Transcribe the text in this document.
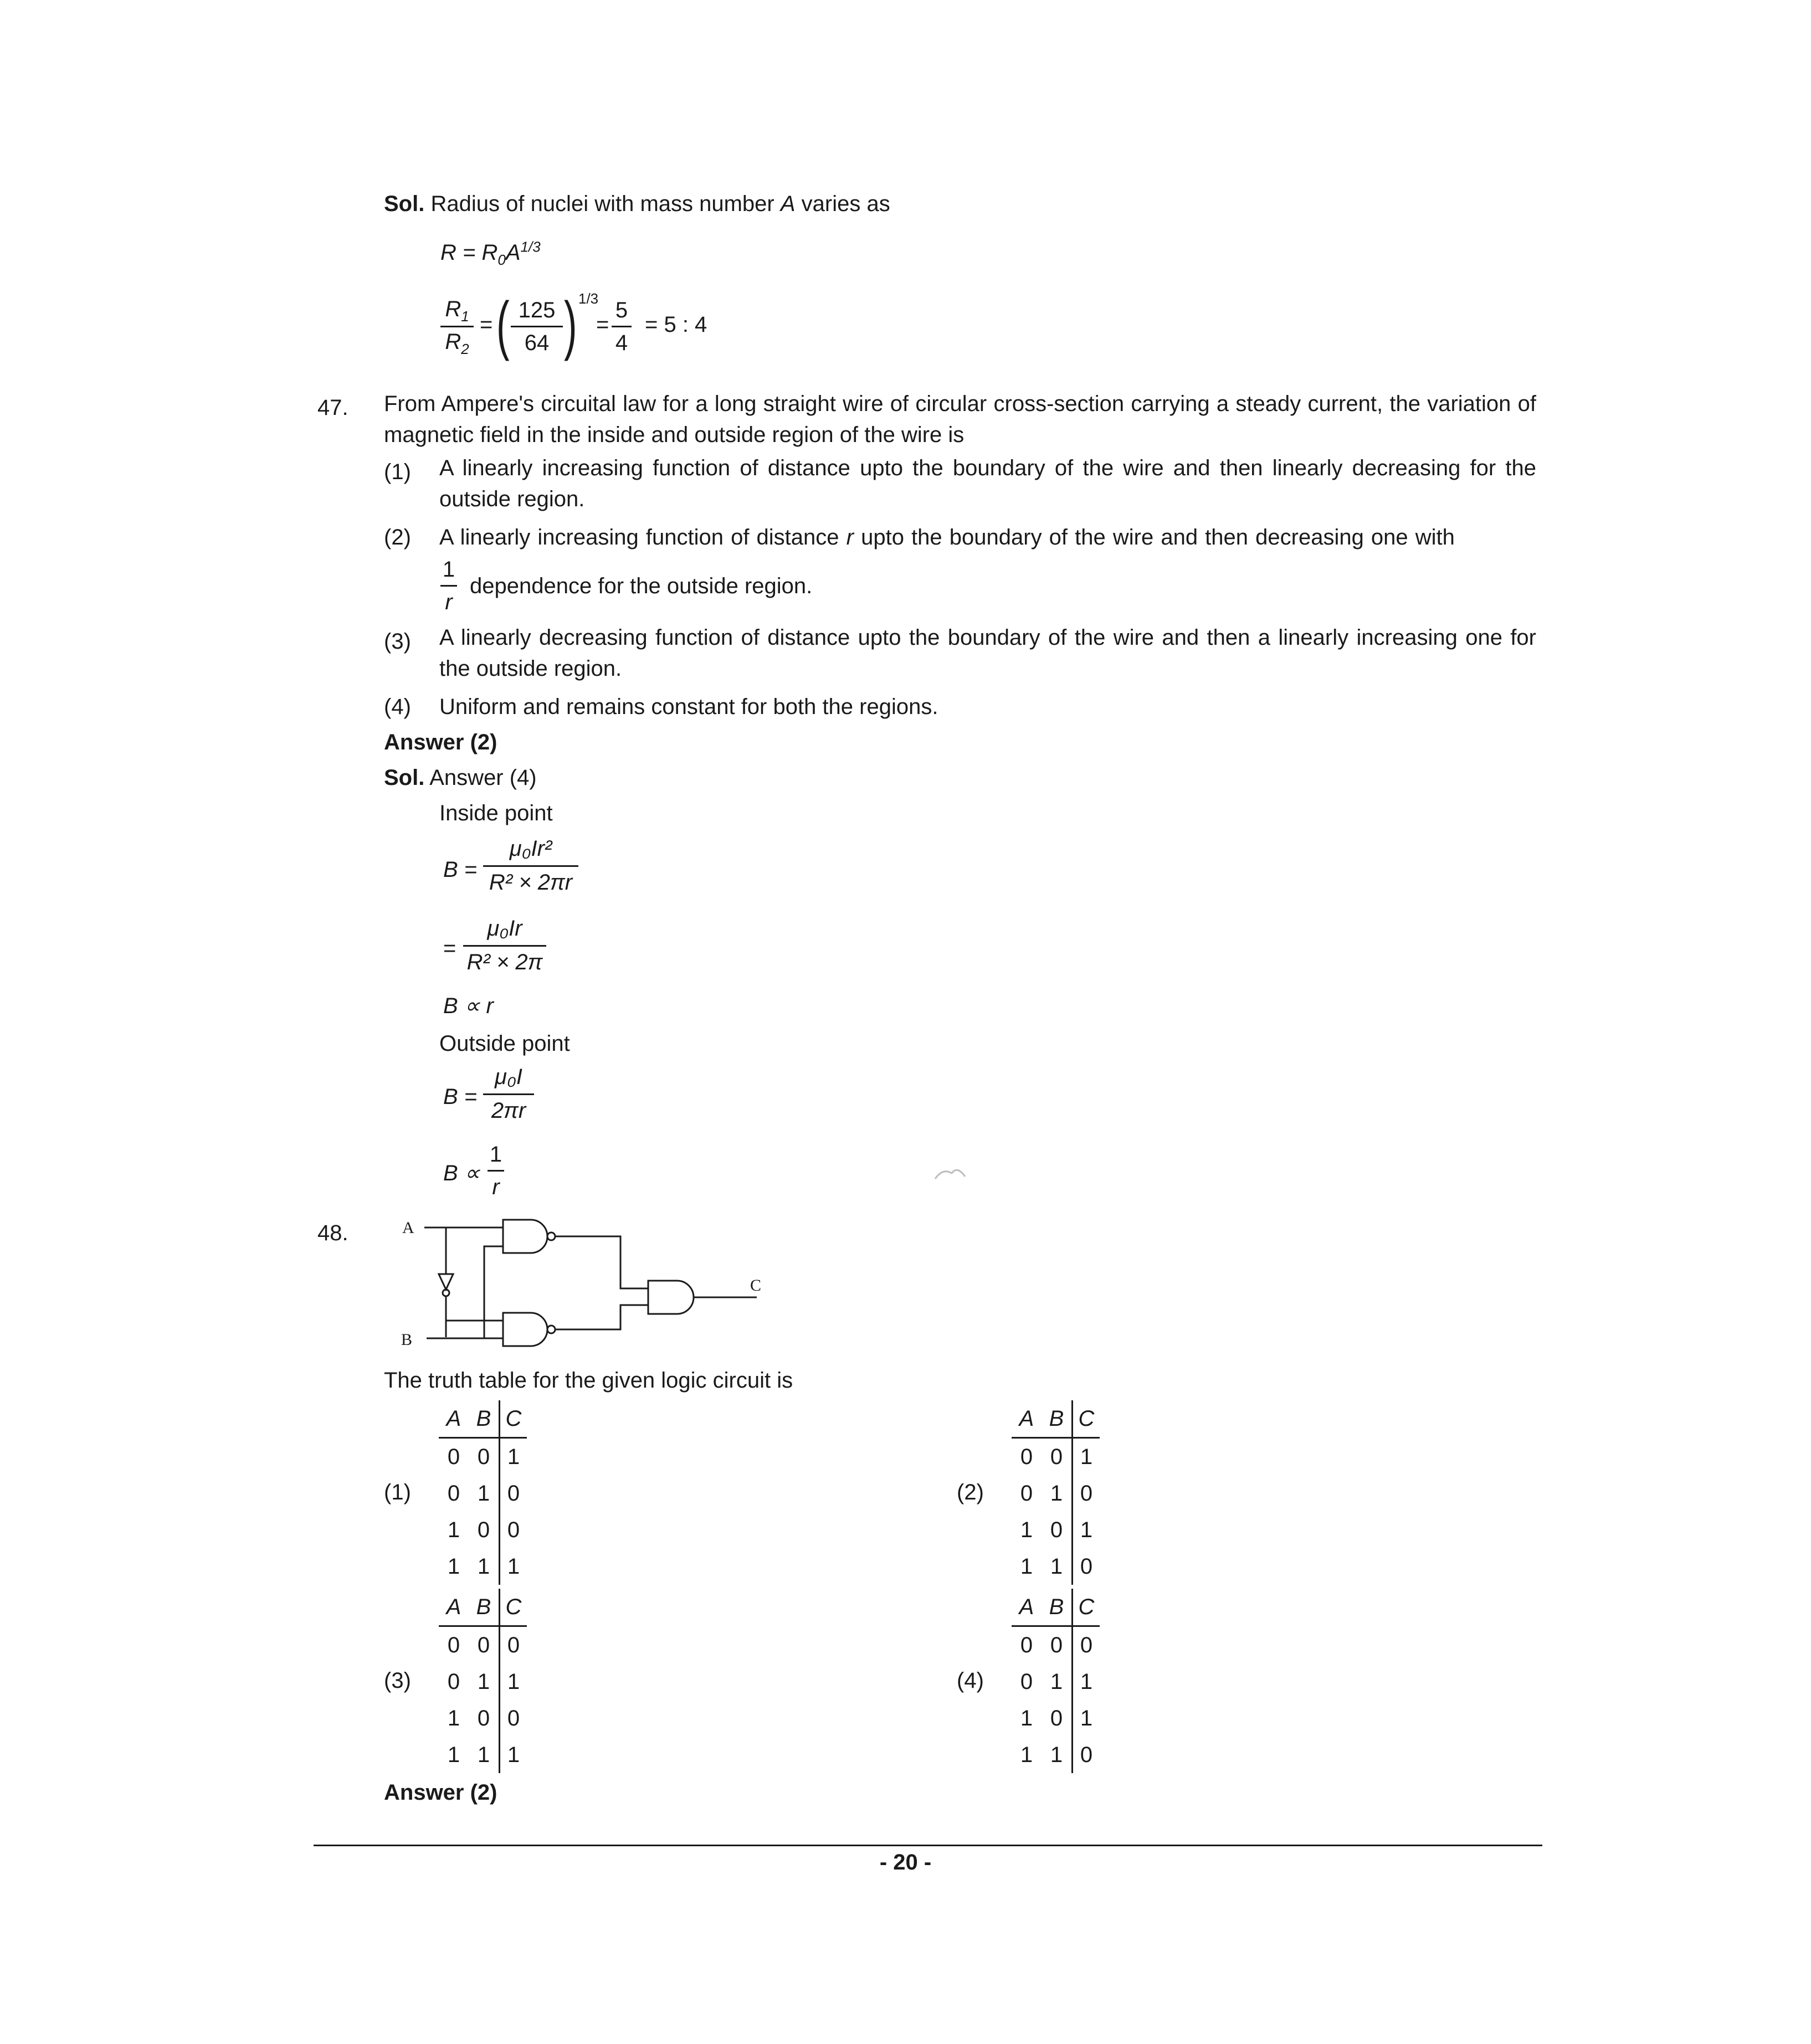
Sol. Radius of nuclei with mass number A varies as
$R = R_0A^{1/3}$
$\frac{R_1}{R_2}$ = ( $\frac{125}{64}$ ) 1/3
= $\frac{5}{4} = 5$ : 4
47. From Ampere's circuital law for a long straight wire of circular cross-section carrying a steady current, the variation of magnetic field in the inside and outside region of the wire is
(1) A linearly increasing function of distance upto the boundary of the wire and then linearly decreasing for the outside region.
(2) A linearly increasing function of distance r upto the boundary of the wire and then decreasing one with
$\frac{1}{r}$ dependence for the outside region.
(3) A linearly decreasing function of distance upto the boundary of the wire and then a linearly increasing one for the outside region.
(4) Uniform and remains constant for both the regions.
Answer (2)
Sol. Answer (4)
Inside point
$B = \frac{\text{μ₀Ir²}}{\text{R² × 2πr}}$
= $\frac{\text{μ₀Ir}}{\text{R² × 2π}}$
B ∝ r
Outside point
$B = \frac{\text{μ₀I}}{2\pi r}$
$B \propto \frac{1}{r}$
48.	A
B
C
The truth table for the given logic circuit is
(1)	(2)
(3)	(4)
A	B	C
0	0	1
0	1	0
1	0	0
1	1	1
A	B	C
0	0	1
0	1	0
1	0	1
1	1	0
A	B	C
0	0	0
0	1	1
1	0	0
1	1	1
A	B	C
0	0	0
0	1	1
1	0	1
1	1	0
Answer (2)
- 20 -
